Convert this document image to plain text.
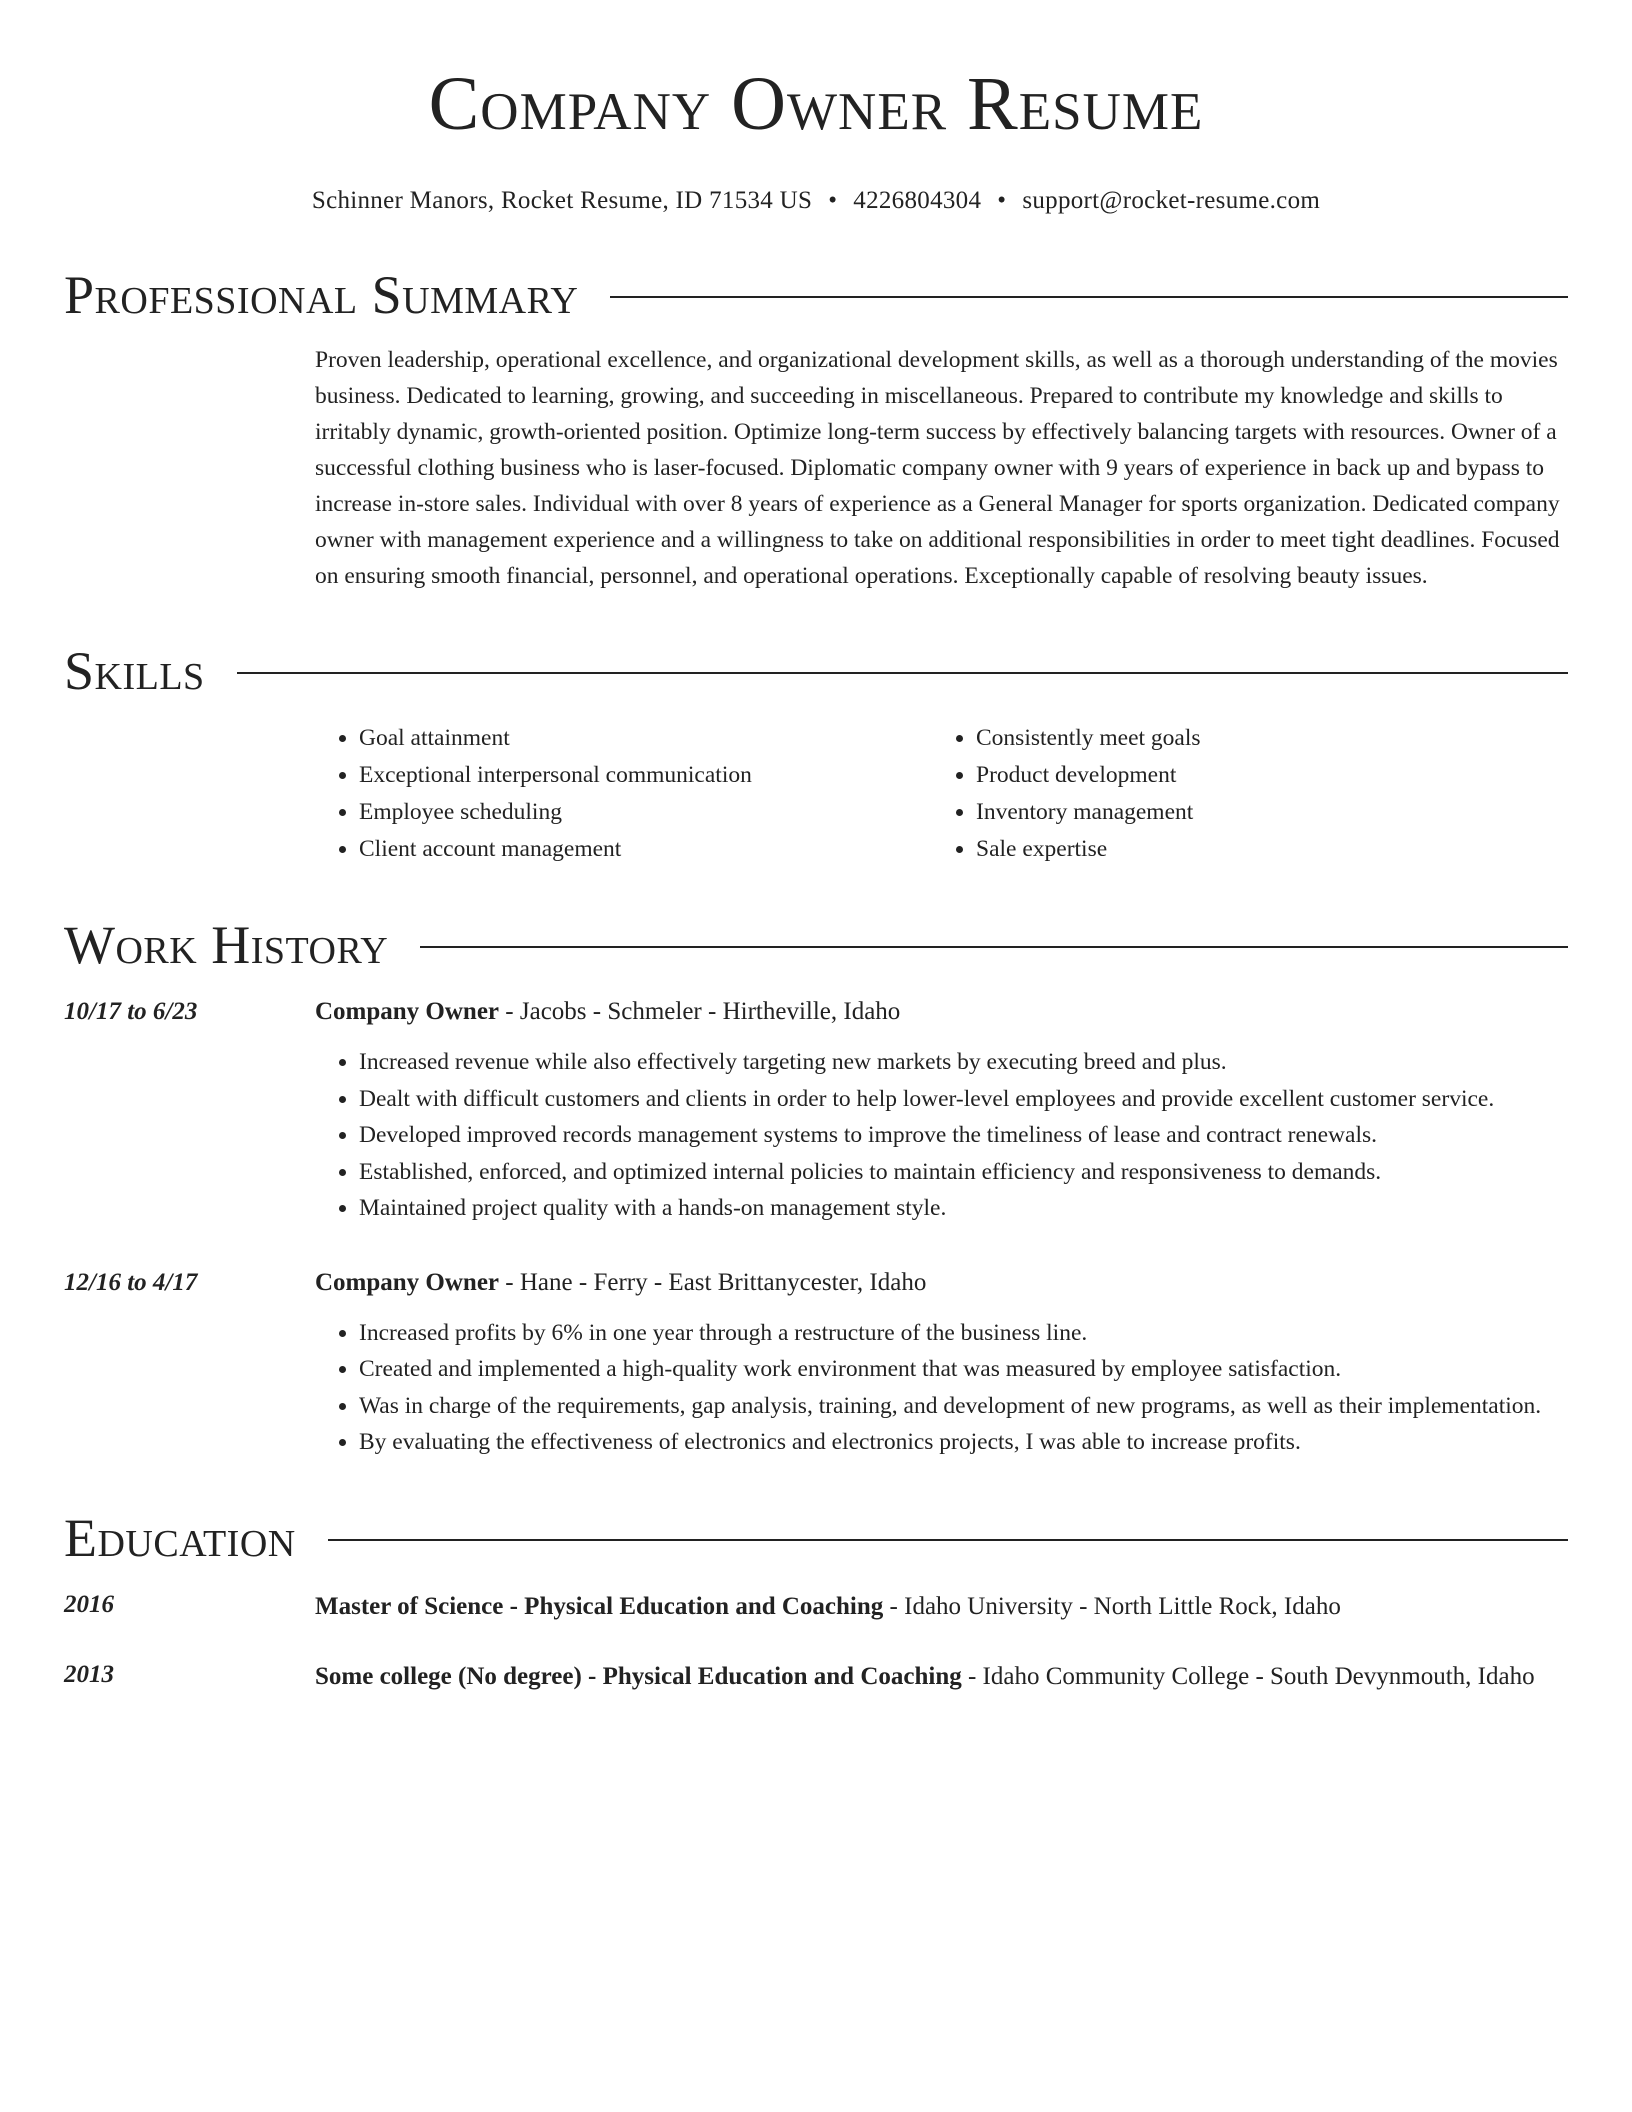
Company Owner Resume
Schinner Manors, Rocket Resume, ID 71534 US • 4226804304 • support@rocket-resume.com
Professional Summary
Proven leadership, operational excellence, and organizational development skills, as well as a thorough understanding of the movies business. Dedicated to learning, growing, and succeeding in miscellaneous. Prepared to contribute my knowledge and skills to irritably dynamic, growth-oriented position. Optimize long-term success by effectively balancing targets with resources. Owner of a successful clothing business who is laser-focused. Diplomatic company owner with 9 years of experience in back up and bypass to increase in-store sales. Individual with over 8 years of experience as a General Manager for sports organization. Dedicated company owner with management experience and a willingness to take on additional responsibilities in order to meet tight deadlines. Focused on ensuring smooth financial, personnel, and operational operations. Exceptionally capable of resolving beauty issues.
Skills
• Goal attainment
• Exceptional interpersonal communication
• Employee scheduling
• Client account management
• Consistently meet goals
• Product development
• Inventory management
• Sale expertise
Work History
10/17 to 6/23	Company Owner - Jacobs - Schmeler - Hirtheville, Idaho
• Increased revenue while also effectively targeting new markets by executing breed and plus.
• Dealt with difficult customers and clients in order to help lower-level employees and provide excellent customer service.
• Developed improved records management systems to improve the timeliness of lease and contract renewals.
• Established, enforced, and optimized internal policies to maintain efficiency and responsiveness to demands.
• Maintained project quality with a hands-on management style.
12/16 to 4/17	Company Owner - Hane - Ferry - East Brittanycester, Idaho
• Increased profits by 6% in one year through a restructure of the business line.
• Created and implemented a high-quality work environment that was measured by employee satisfaction.
• Was in charge of the requirements, gap analysis, training, and development of new programs, as well as their implementation.
• By evaluating the effectiveness of electronics and electronics projects, I was able to increase profits.
Education
2016	Master of Science - Physical Education and Coaching - Idaho University - North Little Rock, Idaho
2013	Some college (No degree) - Physical Education and Coaching - Idaho Community College - South Devynmouth, Idaho
